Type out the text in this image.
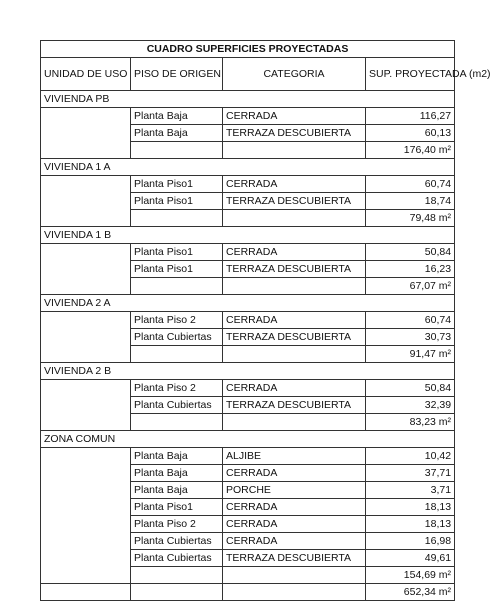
CUADRO SUPERFICIES PROYECTADAS			
UNIDAD DE USO	PISO DE ORIGEN	CATEGORIA	SUP. PROYECTADA (m2)
VIVIENDA PB			
	Planta Baja	CERRADA	116,27
	Planta Baja	TERRAZA DESCUBIERTA	60,13
			176,40 m²
VIVIENDA 1 A			
	Planta Piso1	CERRADA	60,74
	Planta Piso1	TERRAZA DESCUBIERTA	18,74
			79,48 m²
VIVIENDA 1 B			
	Planta Piso1	CERRADA	50,84
	Planta Piso1	TERRAZA DESCUBIERTA	16,23
			67,07 m²
VIVIENDA 2 A			
	Planta Piso 2	CERRADA	60,74
	Planta Cubiertas	TERRAZA DESCUBIERTA	30,73
			91,47 m²
VIVIENDA 2 B			
	Planta Piso 2	CERRADA	50,84
	Planta Cubiertas	TERRAZA DESCUBIERTA	32,39
			83,23 m²
ZONA COMUN			
	Planta Baja	ALJIBE	10,42
	Planta Baja	CERRADA	37,71
	Planta Baja	PORCHE	3,71
	Planta Piso1	CERRADA	18,13
	Planta Piso 2	CERRADA	18,13
	Planta Cubiertas	CERRADA	16,98
	Planta Cubiertas	TERRAZA DESCUBIERTA	49,61
			154,69 m²
			652,34 m²
